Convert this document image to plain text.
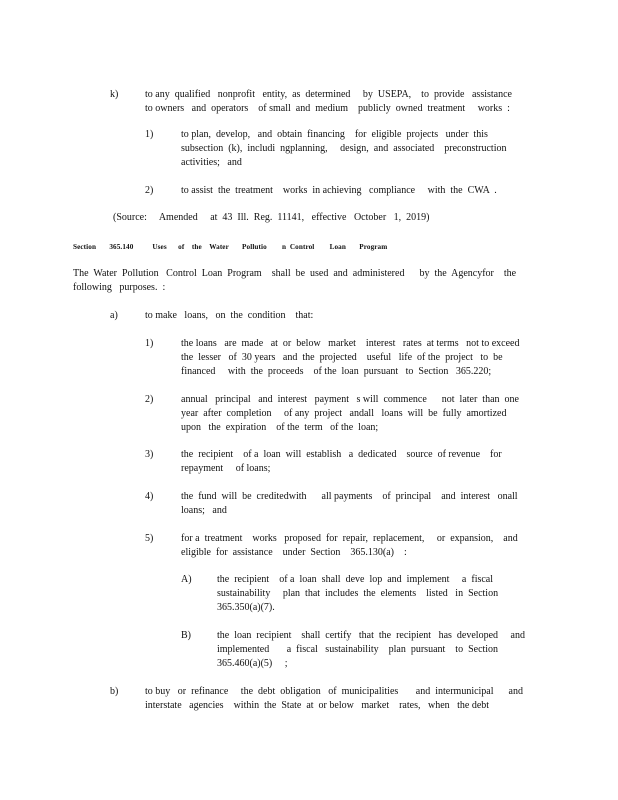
k)	to any  qualified   nonprofit   entity,  as  determined     by  USEPA,    to  provide   assistance
to owners   and  operators    of small  and  medium    publicly  owned  treatment     works  :
1)	to plan,  develop,   and  obtain  financing    for  eligible  projects   under  this
subsection  (k),  includi  ngplanning,     design,  and  associated    preconstruction
activities;   and
2)	to assist  the  treatment    works  in achieving   compliance     with  the  CWA  .
(Source:     Amended     at  43  Ill.  Reg.  11141,   effective   October   1,  2019)
Section       365.140          Uses      of    the    Water       Pollutio        n  Control        Loan       Program
The  Water  Pollution   Control  Loan  Program    shall  be  used  and  administered      by  the  Agencyfor    the
following   purposes.  :
a)	to make   loans,   on  the  condition    that:
1)	the loans   are  made   at  or  below   market    interest   rates  at terms   not to exceed
the  lesser   of  30 years   and  the  projected    useful   life  of the  project   to  be
financed     with  the  proceeds    of the  loan  pursuant   to  Section   365.220;
2)	annual   principal   and  interest   payment   s will  commence      not  later  than  one
year  after  completion     of any  project   andall   loans  will  be  fully  amortized
upon   the  expiration    of the  term   of the  loan;
3)	the  recipient    of a  loan  will  establish   a  dedicated    source  of revenue    for
repayment     of loans;
4)	the  fund  will  be  creditedwith      all payments    of  principal    and  interest   onall
loans;   and
5)	for a  treatment    works   proposed  for  repair,  replacement,     or  expansion,    and
eligible  for  assistance    under  Section    365.130(a)    :
A)	the  recipient    of a  loan  shall  deve  lop  and  implement     a  fiscal
sustainability     plan  that  includes  the  elements    listed   in  Section
365.350(a)(7).
B)	the  loan  recipient    shall  certify   that  the  recipient   has  developed     and
implemented       a  fiscal   sustainability    plan  pursuant    to  Section
365.460(a)(5)     ;
b)	to buy   or  refinance     the  debt  obligation   of  municipalities       and  intermunicipal      and
interstate   agencies    within  the  State  at  or below   market    rates,   when   the debt
